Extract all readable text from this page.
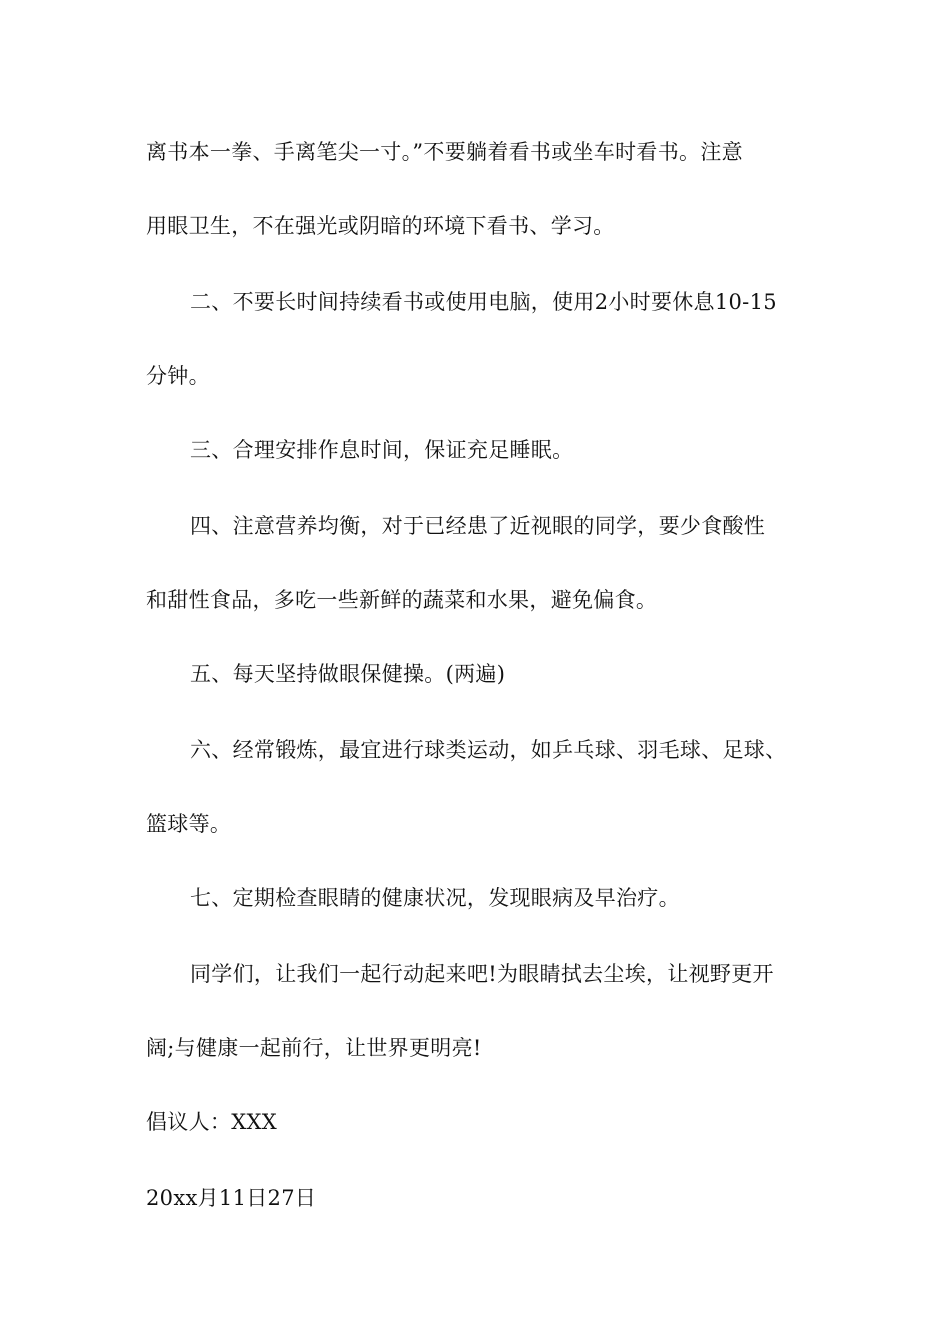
离书本一拳、手离笔尖一寸。”不要躺着看书或坐车时看书。注意
用眼卫生，不在强光或阴暗的环境下看书、学习。
二、不要长时间持续看书或使用电脑，使用2小时要休息10-15
分钟。
三、合理安排作息时间，保证充足睡眠。
四、注意营养均衡，对于已经患了近视眼的同学，要少食酸性
和甜性食品，多吃一些新鲜的蔬菜和水果，避免偏食。
五、每天坚持做眼保健操。(两遍)
六、经常锻炼，最宜进行球类运动，如乒乓球、羽毛球、足球、
篮球等。
七、定期检查眼睛的健康状况，发现眼病及早治疗。
同学们，让我们一起行动起来吧!为眼睛拭去尘埃，让视野更开
阔;与健康一起前行，让世界更明亮!
倡议人：XXX
20xx月11日27日
